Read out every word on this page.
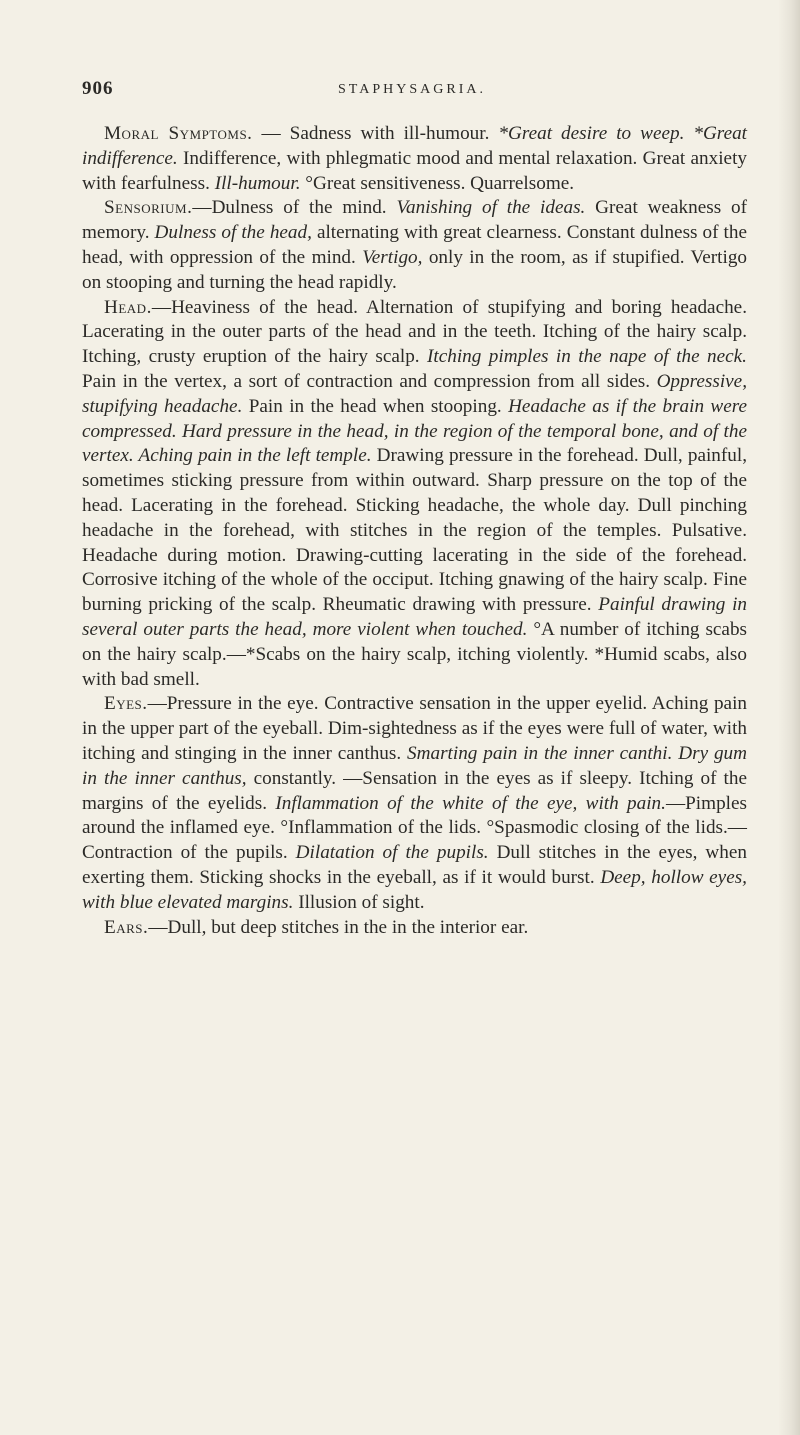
906	STAPHYSAGRIA.

Moral Symptoms. — Sadness with ill-humour. *Great desire to weep. *Great indifference. Indifference, with phlegmatic mood and mental relaxation. Great anxiety with fearfulness. Ill-humour. °Great sensitiveness. Quarrelsome.

Sensorium.—Dulness of the mind. Vanishing of the ideas. Great weakness of memory. Dulness of the head, alternating with great clearness. Constant dulness of the head, with oppression of the mind. Vertigo, only in the room, as if stupified. Vertigo on stooping and turning the head rapidly.

Head.—Heaviness of the head. Alternation of stupifying and boring headache. Lacerating in the outer parts of the head and in the teeth. Itching of the hairy scalp. Itching, crusty eruption of the hairy scalp. Itching pimples in the nape of the neck. Pain in the vertex, a sort of contraction and compression from all sides. Oppressive, stupifying headache. Pain in the head when stooping. Headache as if the brain were compressed. Hard pressure in the head, in the region of the temporal bone, and of the vertex. Aching pain in the left temple. Drawing pressure in the forehead. Dull, painful, sometimes sticking pressure from within outward. Sharp pressure on the top of the head. Lacerating in the forehead. Sticking headache, the whole day. Dull pinching headache in the forehead, with stitches in the region of the temples. Pulsative. Headache during motion. Drawing-cutting lacerating in the side of the forehead. Corrosive itching of the whole of the occiput. Itching gnawing of the hairy scalp. Fine burning pricking of the scalp. Rheumatic drawing with pressure. Painful drawing in several outer parts the head, more violent when touched. °A number of itching scabs on the hairy scalp.—*Scabs on the hairy scalp, itching violently. *Humid scabs, also with bad smell.

Eyes.—Pressure in the eye. Contractive sensation in the upper eyelid. Aching pain in the upper part of the eyeball. Dim-sightedness as if the eyes were full of water, with itching and stinging in the inner canthus. Smarting pain in the inner canthi. Dry gum in the inner canthus, constantly. —Sensation in the eyes as if sleepy. Itching of the margins of the eyelids. Inflammation of the white of the eye, with pain.—Pimples around the inflamed eye. °Inflammation of the lids. °Spasmodic closing of the lids.—Contraction of the pupils. Dilatation of the pupils. Dull stitches in the eyes, when exerting them. Sticking shocks in the eyeball, as if it would burst. Deep, hollow eyes, with blue elevated margins. Illusion of sight.

Ears.—Dull, but deep stitches in the in the interior ear.
